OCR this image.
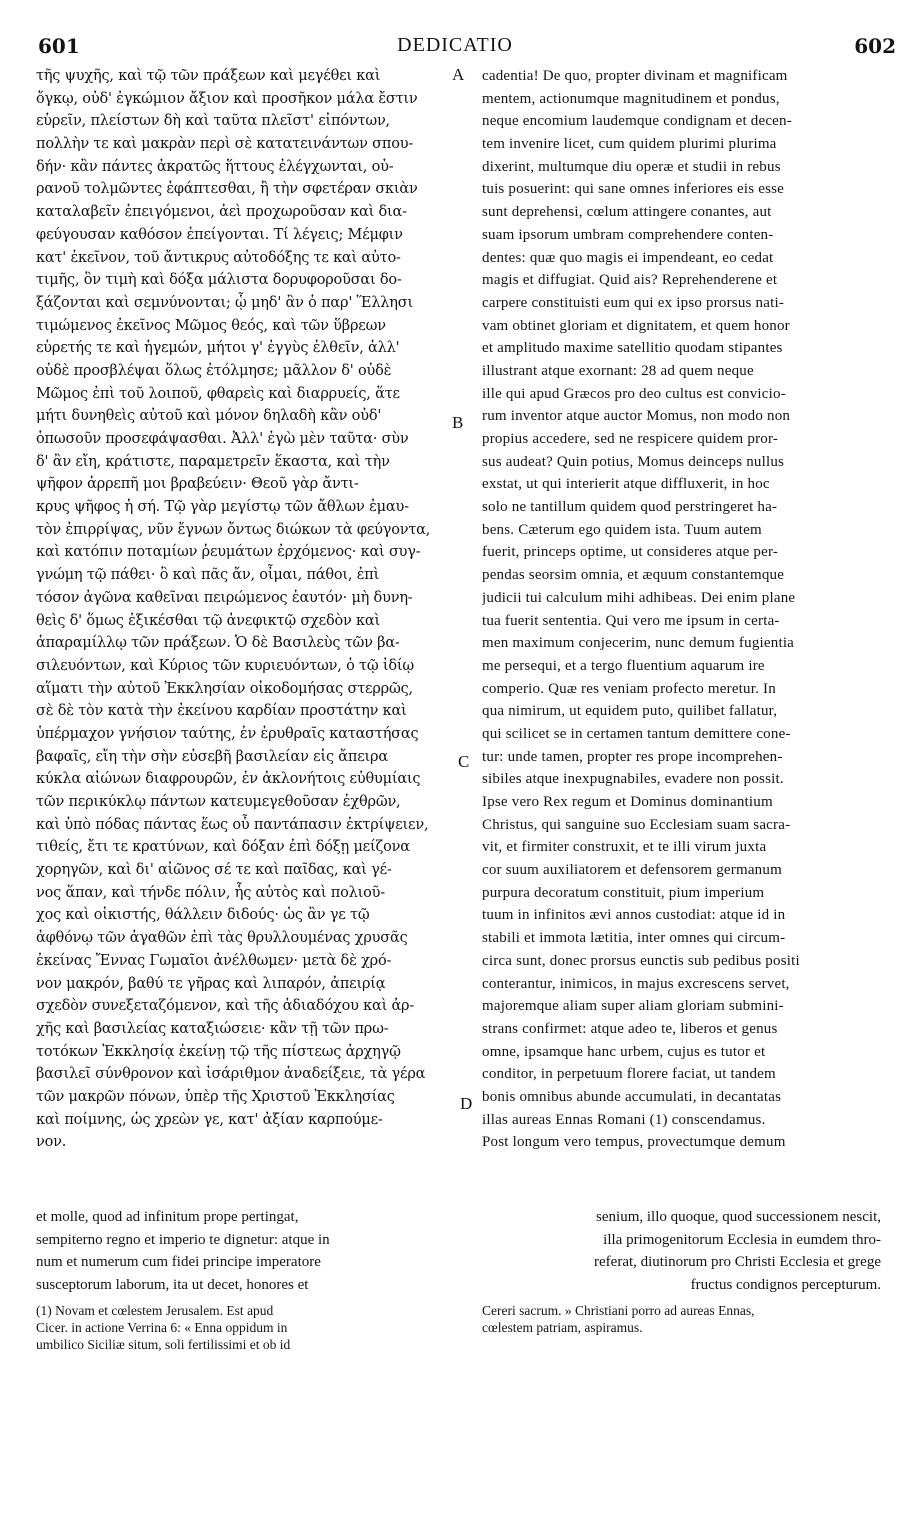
601	DEDICATIO	602
τῆς ψυχῆς, καὶ τῷ τῶν πράξεων καὶ μεγέθει καὶ
ὄγκῳ, οὐδ' ἐγκώμιον ἄξιον καὶ προσῆκον μάλα ἔστιν
εὑρεῖν, πλείστων δὴ καὶ ταῦτα πλεῖστ' εἰπόντων,
πολλὴν τε καὶ μακρὰν περὶ σὲ κατατεινάντων σπου-
δήν· κἂν πάντες ἀκρατῶς ἥττους ἐλέγχωνται, οὐ-
ρανοῦ τολμῶντες ἐφάπτεσθαι, ἢ τὴν σφετέραν σκιὰν
καταλαβεῖν ἐπειγόμενοι, ἀεὶ προχωροῦσαν καὶ δια-
φεύγουσαν καθόσον ἐπείγονται. Τί λέγεις; Μέμφιν
κατ' ἐκεῖνον, τοῦ ἄντικρυς αὐτοδόξης τε καὶ αὐτο-
τιμῆς, ὃν τιμὴ καὶ δόξα μάλιστα δορυφοροῦσαι δο-
ξάζονται καὶ σεμνύνονται; ᾧ μηδ' ἂν ὁ παρ' Ἕλλησι
τιμώμενος ἐκεῖνος Μῶμος θεός, καὶ τῶν ὕβρεων
εὑρετής τε καὶ ἡγεμών, μήτοι γ' ἐγγὺς ἐλθεῖν, ἀλλ'
οὐδὲ προσβλέψαι ὅλως ἐτόλμησε; μᾶλλον δ' οὐδὲ
Μῶμος ἐπὶ τοῦ λοιποῦ, φθαρεὶς καὶ διαρρυείς, ἅτε
μήτι δυνηθεὶς αὐτοῦ καὶ μόνον δηλαδὴ κἂν οὐδ'
ὁπωσοῦν προσεφάψασθαι. Ἀλλ' ἐγὼ μὲν ταῦτα· σὺν
δ' ἂν εἴη, κράτιστε, παραμετρεῖν ἕκαστα, καὶ τὴν
ψῆφον ἀρρεπῆ μοι βραβεύειν· Θεοῦ γὰρ ἄντι-
κρυς ψῆφος ἡ σή. Τῷ γὰρ μεγίστῳ τῶν ἄθλων ἐμαυ-
τὸν ἐπιρρίψας, νῦν ἔγνων ὄντως διώκων τὰ φεύγοντα,
καὶ κατόπιν ποταμίων ῥευμάτων ἐρχόμενος· καὶ συγ-
γνώμη τῷ πάθει· ὃ καὶ πᾶς ἄν, οἶμαι, πάθοι, ἐπὶ
τόσον ἀγῶνα καθεῖναι πειρώμενος ἑαυτόν· μὴ δυνη-
θεὶς δ' ὅμως ἐξικέσθαι τῷ ἀνεφικτῷ σχεδὸν καὶ
ἀπαραμίλλῳ τῶν πράξεων. Ὁ δὲ Βασιλεὺς τῶν βα-
σιλευόντων, καὶ Κύριος τῶν κυριευόντων, ὁ τῷ ἰδίῳ
αἵματι τὴν αὐτοῦ Ἐκκλησίαν οἰκοδομήσας στερρῶς,
σὲ δὲ τὸν κατὰ τὴν ἐκείνου καρδίαν προστάτην καὶ
ὑπέρμαχον γνήσιον ταύτης, ἐν ἐρυθραῖς καταστήσας
βαφαῖς, εἴη τὴν σὴν εὐσεβῆ βασιλείαν εἰς ἄπειρα
κύκλα αἰώνων διαφρουρῶν, ἐν ἀκλονήτοις εὐθυμίαις
τῶν περικύκλῳ πάντων κατευμεγεθοῦσαν ἐχθρῶν,
καὶ ὑπὸ πόδας πάντας ἕως οὗ παντάπασιν ἐκτρίψειεν,
τιθείς, ἔτι τε κρατύνων, καὶ δόξαν ἐπὶ δόξῃ μείζονα
χορηγῶν, καὶ δι' αἰῶνος σέ τε καὶ παῖδας, καὶ γέ-
νος ἅπαν, καὶ τήνδε πόλιν, ἧς αὐτὸς καὶ πολιοῦ-
χος καὶ οἰκιστής, θάλλειν διδούς· ὡς ἂν γε τῷ
ἀφθόνῳ τῶν ἀγαθῶν ἐπὶ τὰς θρυλλουμένας χρυσᾶς
ἐκείνας Ἔννας Γωμαῖοι ἀνέλθωμεν· μετὰ δὲ χρό-
νον μακρόν, βαθύ τε γῆρας καὶ λιπαρόν, ἀπειρίᾳ
σχεδὸν συνεξεταζόμενον, καὶ τῆς ἀδιαδόχου καὶ ἀρ-
χῆς καὶ βασιλείας καταξιώσειε· κἂν τῇ τῶν πρω-
τοτόκων Ἐκκλησίᾳ ἐκείνῃ τῷ τῆς πίστεως ἀρχηγῷ
βασιλεῖ σύνθρονον καὶ ἰσάριθμον ἀναδείξειε, τὰ γέρα
τῶν μακρῶν πόνων, ὑπὲρ τῆς Χριστοῦ Ἐκκλησίας
καὶ ποίμνης, ὡς χρεὼν γε, κατ' ἀξίαν καρπούμε-
νον.
cadentia! De quo, propter divinam et magnificam
mentem, actionumque magnitudinem et pondus,
neque encomium laudemque condignam et decen-
tem invenire licet, cum quidem plurimi plurima
dixerint, multumque diu operæ et studii in rebus
tuis posuerint: qui sane omnes inferiores eis esse
sunt deprehensi, cœlum attingere conantes, aut
suam ipsorum umbram comprehendere conten-
dentes: quæ quo magis ei impendeant, eo cedat
magis et diffugiat. Quid ais? Reprehenderene et
carpere constituisti eum qui ex ipso prorsus nati-
vam obtinet gloriam et dignitatem, et quem honor
et amplitudo maxime satellitio quodam stipantes
illustrant atque exornant: 28 ad quem neque
ille qui apud Græcos pro deo cultus est convicio-
rum inventor atque auctor Momus, non modo non
propius accedere, sed ne respicere quidem pror-
sus audeat? Quin potius, Momus deinceps nullus
exstat, ut qui interierit atque diffluxerit, in hoc
solo ne tantillum quidem quod perstringeret ha-
bens. Cæterum ego quidem ista. Tuum autem
fuerit, princeps optime, ut consideres atque per-
pendas seorsim omnia, et æquum constantemque
judicii tui calculum mihi adhibeas. Dei enim plane
tua fuerit sententia. Qui vero me ipsum in certa-
men maximum conjecerim, nunc demum fugientia
me persequi, et a tergo fluentium aquarum ire
comperio. Quæ res veniam profecto meretur. In
qua nimirum, ut equidem puto, quilibet fallatur,
qui scilicet se in certamen tantum demittere cone-
tur: unde tamen, propter res prope incomprehen-
sibiles atque inexpugnabiles, evadere non possit.
Ipse vero Rex regum et Dominus dominantium
Christus, qui sanguine suo Ecclesiam suam sacra-
vit, et firmiter construxit, et te illi virum juxta
cor suum auxiliatorem et defensorem germanum
purpura decoratum constituit, pium imperium
tuum in infinitos ævi annos custodiat: atque id in
stabili et immota lætitia, inter omnes qui circum-
circa sunt, donec prorsus eunctis sub pedibus positi
conterantur, inimicos, in majus excrescens servet,
majoremque aliam super aliam gloriam submini-
strans confirmet: atque adeo te, liberos et genus
omne, ipsamque hanc urbem, cujus es tutor et
conditor, in perpetuum florere faciat, ut tandem
bonis omnibus abunde accumulati, in decantatas
illas aureas Ennas Romani (1) conscendamus.
Post longum vero tempus, provectumque demum
A
B
C
D
et molle, quod ad infinitum prope pertingat,	senium, illo quoque, quod successionem nescit,
sempiterno regno et imperio te dignetur: atque in	illa primogenitorum Ecclesia in eumdem thro-
num et numerum cum fidei principe imperatore	referat, diutinorum pro Christi Ecclesia et grege
susceptorum laborum, ita ut decet, honores et	fructus condignos percepturum.
(1) Novam et cœlestem Jerusalem. Est apud
Cicer. in actione Verrina 6: « Enna oppidum in
umbilico Siciliæ situm, soli fertilissimi et ob id
Cereri sacrum. » Christiani porro ad aureas Ennas,
cœlestem patriam, aspiramus.
